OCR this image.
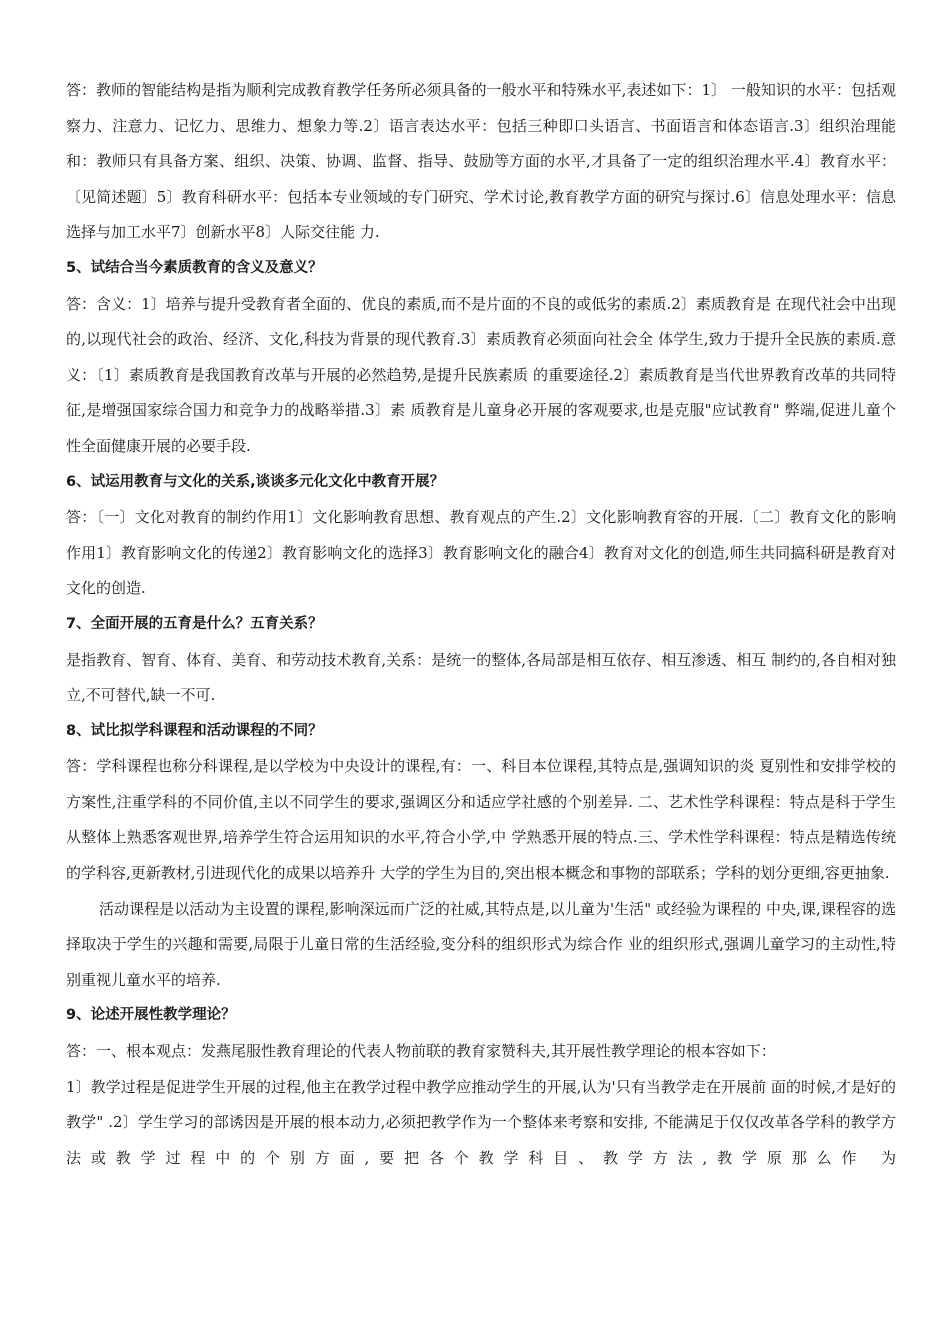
答：教师的智能结构是指为顺利完成教育教学任务所必须具备的一般水平和特殊水平,表述如下：1〕 一般知识的水平：包括观察力、注意力、记忆力、思维力、想象力等.2〕语言表达水平：包括三种即口头语言、书面语言和体态语言.3〕组织治理能和：教师只有具备方案、组织、决策、协调、监督、指导、鼓励等方面的水平,才具备了一定的组织治理水平.4〕教育水平：〔见简述题〕5〕教育科研水平：包括本专业领域的专门研究、学术讨论,教育教学方面的研究与探讨.6〕信息处理水平：信息选择与加工水平7〕创新水平8〕人际交往能 力.

5、试结合当今素质教育的含义及意义？

答：含义：1〕培养与提升受教育者全面的、优良的素质,而不是片面的不良的或低劣的素质.2〕素质教育是 在现代社会中出现的,以现代社会的政治、经济、文化,科技为背景的现代教育.3〕素质教育必须面向社会全 体学生,致力于提升全民族的素质.意义：〔1〕素质教育是我国教育改革与开展的必然趋势,是提升民族素质 的重要途径.2〕素质教育是当代世界教育改革的共同特征,是增强国家综合国力和竞争力的战略举措.3〕素 质教育是儿童身必开展的客观要求,也是克服"应试教育" 弊端,促进儿童个性全面健康开展的必要手段.

6、试运用教育与文化的关系,谈谈多元化文化中教育开展？

答：〔一〕文化对教育的制约作用1〕文化影响教育思想、教育观点的产生.2〕文化影响教育容的开展.〔二〕教育文化的影响作用1〕教育影响文化的传递2〕教育影响文化的选择3〕教育影响文化的融合4〕教育对文化的创造,师生共同搞科研是教育对文化的创造.

7、全面开展的五育是什么？五育关系？

是指教育、智育、体育、美育、和劳动技术教育,关系：是统一的整体,各局部是相互依存、相互渗透、相互 制约的,各自相对独立,不可替代,缺一不可.

8、试比拟学科课程和活动课程的不同？

答：学科课程也称分科课程,是以学校为中央设计的课程,有：一、科目本位课程,其特点是,强调知识的炎 夏别性和安排学校的方案性,注重学科的不同价值,主以不同学生的要求,强调区分和适应学社感的个别差异. 二、艺术性学科课程：特点是科于学生从整体上熟悉客观世界,培养学生符合运用知识的水平,符合小学,中 学熟悉开展的特点.三、学术性学科课程：特点是精选传统的学科容,更新教材,引进现代化的成果以培养升 大学的学生为目的,突出根本概念和事物的部联系；学科的划分更细,容更抽象.

活动课程是以活动为主设置的课程,影响深远而广泛的社威,其特点是,以儿童为'生活" 或经验为课程的 中央,课,课程容的选择取决于学生的兴趣和需要,局限于儿童日常的生活经验,变分科的组织形式为综合作 业的组织形式,强调儿童学习的主动性,特别重视儿童水平的培养.

9、论述开展性教学理论？

答：一、根本观点：发燕尾服性教育理论的代表人物前联的教育家赞科夫,其开展性教学理论的根本容如下：

1〕教学过程是促进学生开展的过程,他主在教学过程中教学应推动学生的开展,认为'只有当教学走在开展前 面的时候,才是好的教学" .2〕学生学习的部诱因是开展的根本动力,必须把教学作为一个整体来考察和安排, 不能满足于仅仅改革各学科的教学方法或教学过程中的个别方面,要把各个教学科目、教学方法,教学原那么作 为
